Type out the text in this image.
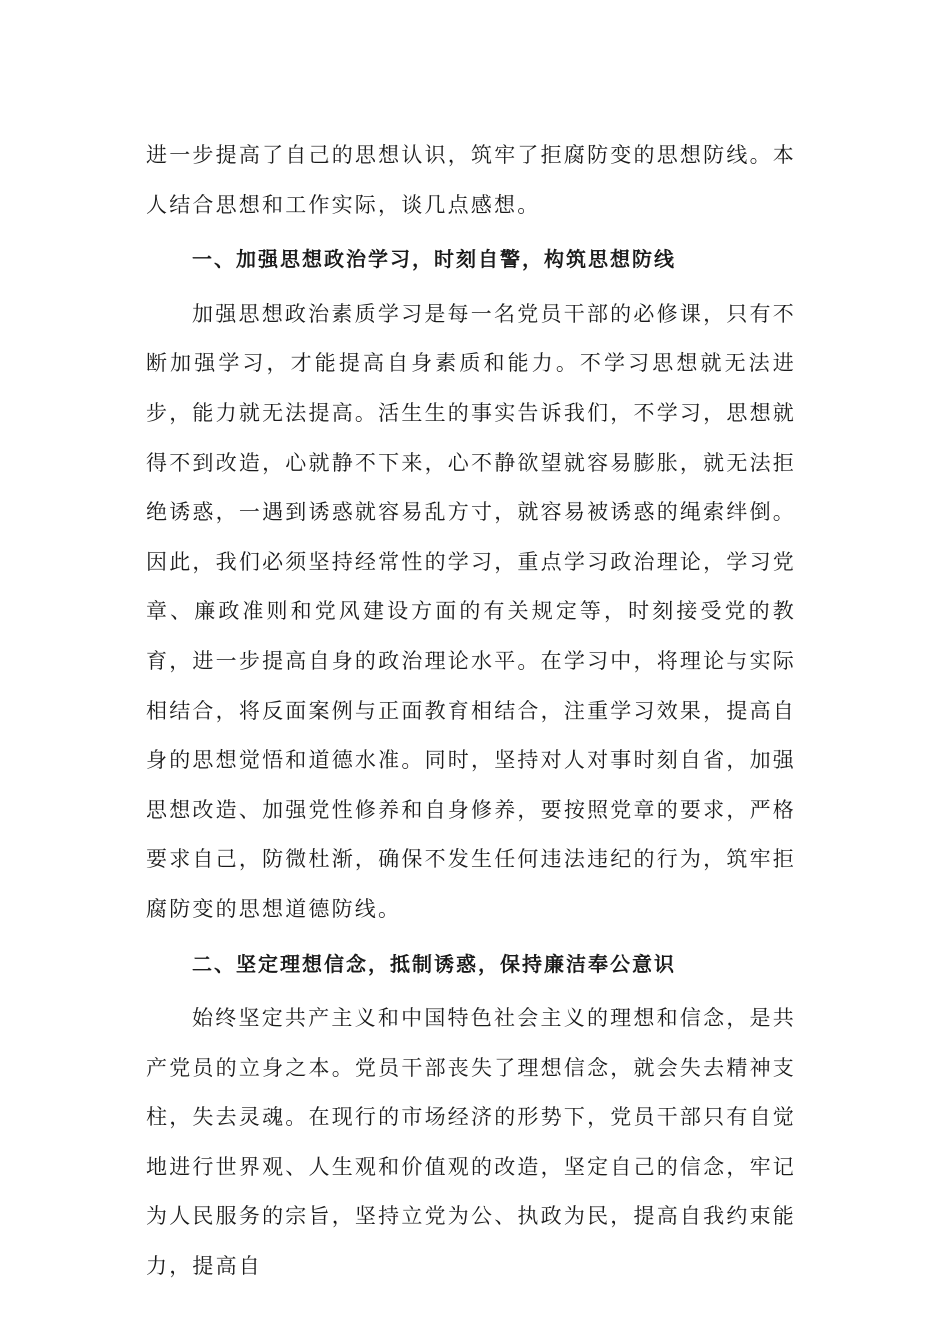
进一步提高了自己的思想认识，筑牢了拒腐防变的思想防线。本人结合思想和工作实际，谈几点感想。

一、加强思想政治学习，时刻自警，构筑思想防线

加强思想政治素质学习是每一名党员干部的必修课，只有不断加强学习，才能提高自身素质和能力。不学习思想就无法进步，能力就无法提高。活生生的事实告诉我们，不学习，思想就得不到改造，心就静不下来，心不静欲望就容易膨胀，就无法拒绝诱惑，一遇到诱惑就容易乱方寸，就容易被诱惑的绳索绊倒。因此，我们必须坚持经常性的学习，重点学习政治理论，学习党章、廉政准则和党风建设方面的有关规定等，时刻接受党的教育，进一步提高自身的政治理论水平。在学习中，将理论与实际相结合，将反面案例与正面教育相结合，注重学习效果，提高自身的思想觉悟和道德水准。同时，坚持对人对事时刻自省，加强思想改造、加强党性修养和自身修养，要按照党章的要求，严格要求自己，防微杜渐，确保不发生任何违法违纪的行为，筑牢拒腐防变的思想道德防线。

二、坚定理想信念，抵制诱惑，保持廉洁奉公意识

始终坚定共产主义和中国特色社会主义的理想和信念，是共产党员的立身之本。党员干部丧失了理想信念，就会失去精神支柱，失去灵魂。在现行的市场经济的形势下，党员干部只有自觉地进行世界观、人生观和价值观的改造，坚定自己的信念，牢记为人民服务的宗旨，坚持立党为公、执政为民，提高自我约束能力，提高自
